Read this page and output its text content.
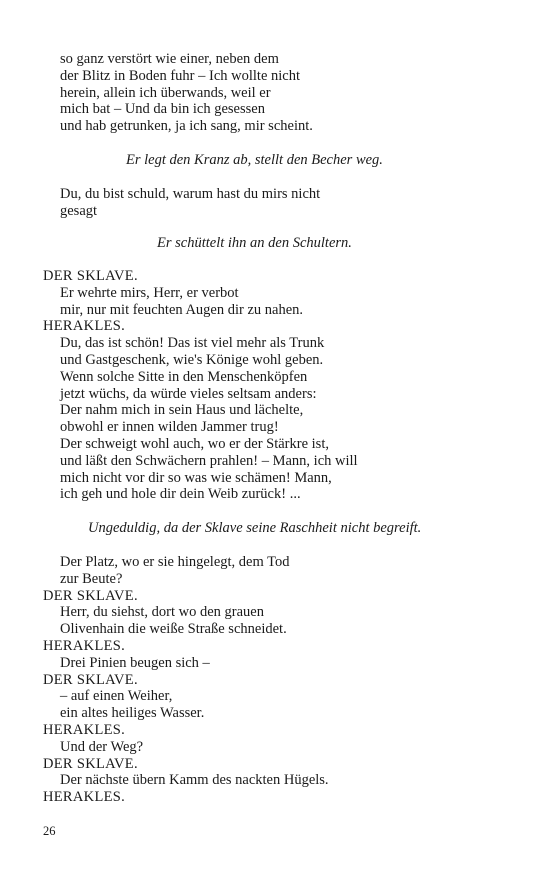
so ganz verstört wie einer, neben dem
der Blitz in Boden fuhr – Ich wollte nicht
herein, allein ich überwands, weil er
mich bat – Und da bin ich gesessen
und hab getrunken, ja ich sang, mir scheint.
Er legt den Kranz ab, stellt den Becher weg.
Du, du bist schuld, warum hast du mirs nicht
gesagt
Er schüttelt ihn an den Schultern.
DER SKLAVE.
Er wehrte mirs, Herr, er verbot
mir, nur mit feuchten Augen dir zu nahen.
HERAKLES.
Du, das ist schön! Das ist viel mehr als Trunk
und Gastgeschenk, wie's Könige wohl geben.
Wenn solche Sitte in den Menschenköpfen
jetzt wüchs, da würde vieles seltsam anders:
Der nahm mich in sein Haus und lächelte,
obwohl er innen wilden Jammer trug!
Der schweigt wohl auch, wo er der Stärkre ist,
und läßt den Schwächern prahlen! – Mann, ich will
mich nicht vor dir so was wie schämen! Mann,
ich geh und hole dir dein Weib zurück! ...
Ungeduldig, da der Sklave seine Raschheit nicht begreift.
Der Platz, wo er sie hingelegt, dem Tod
zur Beute?
DER SKLAVE.
Herr, du siehst, dort wo den grauen
Olivenhain die weiße Straße schneidet.
HERAKLES.
Drei Pinien beugen sich –
DER SKLAVE.
– auf einen Weiher,
ein altes heiliges Wasser.
HERAKLES.
Und der Weg?
DER SKLAVE.
Der nächste übern Kamm des nackten Hügels.
HERAKLES.
26
